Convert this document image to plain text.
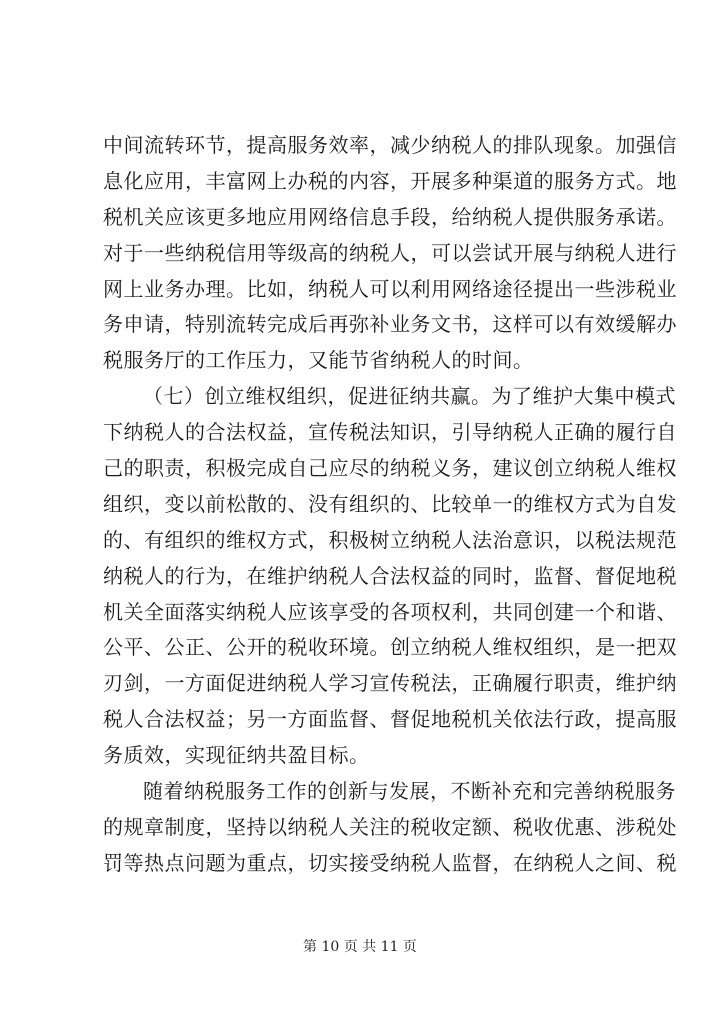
中间流转环节，提高服务效率，减少纳税人的排队现象。加强信
息化应用，丰富网上办税的内容，开展多种渠道的服务方式。地
税机关应该更多地应用网络信息手段，给纳税人提供服务承诺。
对于一些纳税信用等级高的纳税人，可以尝试开展与纳税人进行
网上业务办理。比如，纳税人可以利用网络途径提出一些涉税业
务申请，特别流转完成后再弥补业务文书，这样可以有效缓解办
税服务厅的工作压力，又能节省纳税人的时间。
（七）创立维权组织，促进征纳共赢。为了维护大集中模式
下纳税人的合法权益，宣传税法知识，引导纳税人正确的履行自
己的职责，积极完成自己应尽的纳税义务，建议创立纳税人维权
组织，变以前松散的、没有组织的、比较单一的维权方式为自发
的、有组织的维权方式，积极树立纳税人法治意识，以税法规范
纳税人的行为，在维护纳税人合法权益的同时，监督、督促地税
机关全面落实纳税人应该享受的各项权利，共同创建一个和谐、
公平、公正、公开的税收环境。创立纳税人维权组织，是一把双
刃剑，一方面促进纳税人学习宣传税法，正确履行职责，维护纳
税人合法权益；另一方面监督、督促地税机关依法行政，提高服
务质效，实现征纳共盈目标。
随着纳税服务工作的创新与发展，不断补充和完善纳税服务
的规章制度，坚持以纳税人关注的税收定额、税收优惠、涉税处
罚等热点问题为重点，切实接受纳税人监督，在纳税人之间、税
第 10 页 共 11 页
